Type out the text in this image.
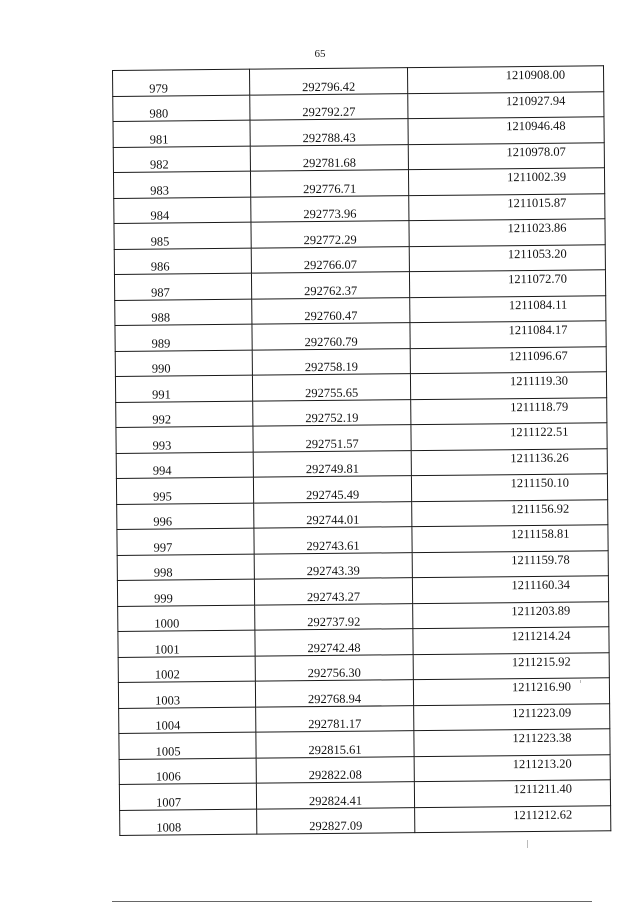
65
979	292796.42	1210908.00
980	292792.27	1210927.94
981	292788.43	1210946.48
982	292781.68	1210978.07
983	292776.71	1211002.39
984	292773.96	1211015.87
985	292772.29	1211023.86
986	292766.07	1211053.20
987	292762.37	1211072.70
988	292760.47	1211084.11
989	292760.79	1211084.17
990	292758.19	1211096.67
991	292755.65	1211119.30
992	292752.19	1211118.79
993	292751.57	1211122.51
994	292749.81	1211136.26
995	292745.49	1211150.10
996	292744.01	1211156.92
997	292743.61	1211158.81
998	292743.39	1211159.78
999	292743.27	1211160.34
1000	292737.92	1211203.89
1001	292742.48	1211214.24
1002	292756.30	1211215.92
1003	292768.94	1211216.90
1004	292781.17	1211223.09
1005	292815.61	1211223.38
1006	292822.08	1211213.20
1007	292824.41	1211211.40
1008	292827.09	1211212.62
